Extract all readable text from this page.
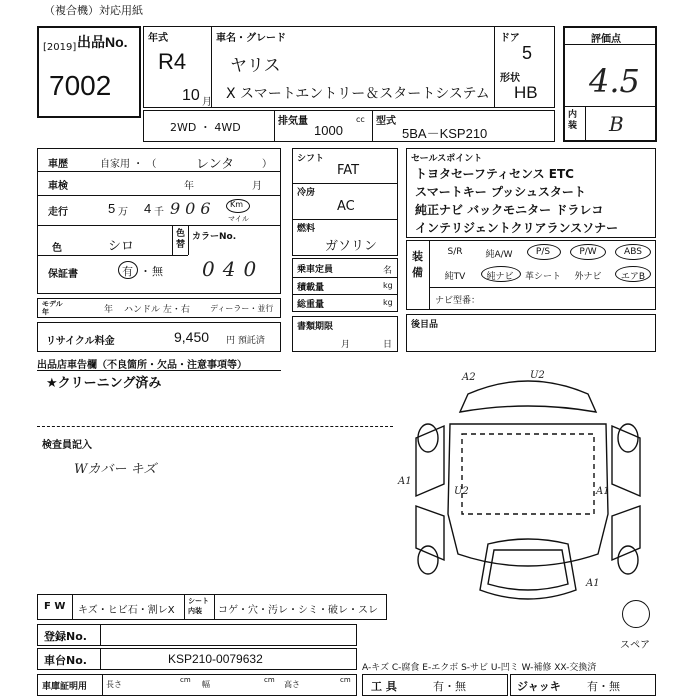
（複合機）対応用紙
出品No.
[2019]
7002
年式
R4
10 月
車名・グレード
ヤリス
X スマートエントリー＆スタートシステム
ドア
5
形状
HB
評価点
4.5
内装 B
2WD ・ 4WD	排気量
1000
cc 型式
5BA－KSP210
車歴	自家用 ・ （	レンタ	）
車検	年	月
走行	5 万 4 千 906 Km
マイル
色	シロ
色替
カラーNo.
保証書	有 ・ 無 040
モデル年	年 ハンドル 左・右	ディーラー・並行
リサイクル料金	9,450 円 預託済
シフト
FAT
冷房
AC
燃料
ガソリン
乗車定員	名
積載量	kg
総重量	kg
書類期限
月	日
セールスポイント
トヨタセーフティセンス ETC
スマートキー プッシュスタート
純正ナビ バックモニター ドラレコ
インテリジェントクリアランスソナー
装備
S/R	純A/W	P/S	P/W	ABS
純TV	純ナビ	革シート	外ナビ	エアB
ナビ型番：
後目品
出品店車告欄（不良箇所・欠品・注意事項等）
★クリーニング済み
検査員記入
Wカバー キズ
A2	U2
A1
U2	A1
A1
F W キズ・ヒビ石・割レX
シート内装	コゲ・穴・汚レ・シミ・破レ・スレ
スペア
登録No.
車台No.	KSP210-0079632
A-キズ C-腐食 E-エクボ S-サビ U-凹ミ W-補修 XX-交換済
車庫証明用 長さ	cm 幅	cm 高さ	cm 工 具	有・無	ジャッキ 有・無
